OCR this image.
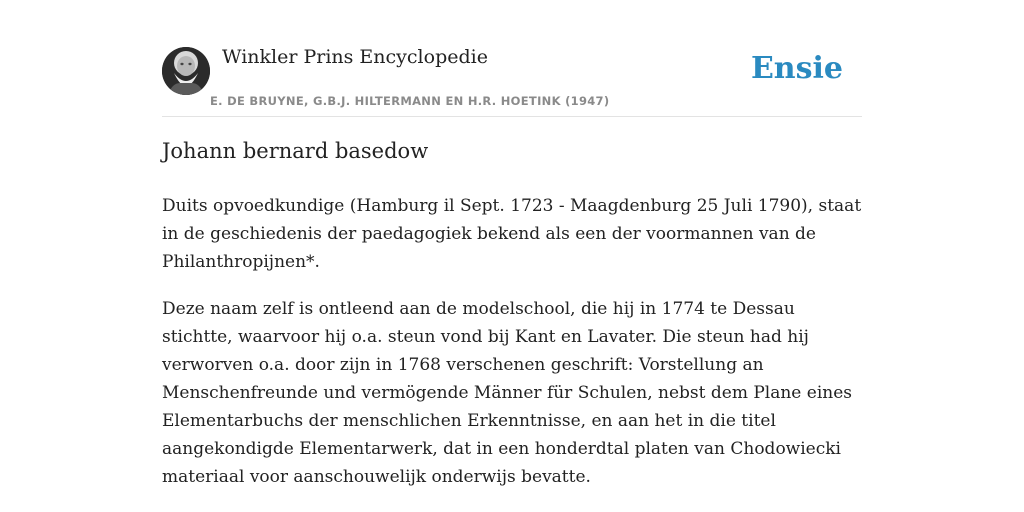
Winkler Prins Encyclopedie
E. DE BRUYNE, G.B.J. HILTERMANN EN H.R. HOETINK (1947)
Ensie
Johann bernard basedow

Duits opvoedkundige (Hamburg il Sept. 1723 - Maagdenburg 25 Juli 1790), staat in de geschiedenis der paedagogiek bekend als een der voormannen van de Philanthropijnen*.

Deze naam zelf is ontleend aan de modelschool, die hij in 1774 te Dessau stichtte, waarvoor hij o.a. steun vond bij Kant en Lavater. Die steun had hij verworven o.a. door zijn in 1768 verschenen geschrift: Vorstellung an Menschenfreunde und vermögende Männer für Schulen, nebst dem Plane eines Elementarbuchs der menschlichen Erkenntnisse, en aan het in die titel aangekondigde Elementarwerk, dat in een honderdtal platen van Chodowiecki materiaal voor aanschouwelijk onderwijs bevatte.
